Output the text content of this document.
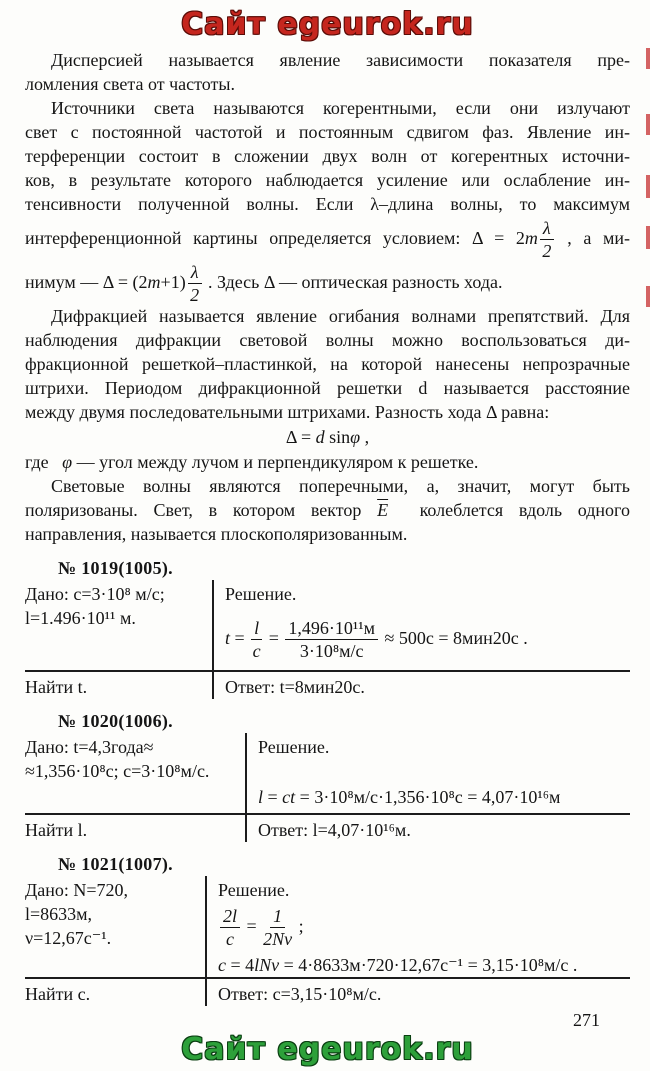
Сайт egeurok.ru
Дисперсией называется явление зависимости показателя пре-
ломления света от частоты.
Источники света называются когерентными, если они излучают
свет с постоянной частотой и постоянным сдвигом фаз. Явление ин-
терференции состоит в сложении двух волн от когерентных источни-
ков, в результате которого наблюдается усиление или ослабление ин-
тенсивности полученной волны. Если λ–длина волны, то максимум
интерференционной картины определяется условием: $\Delta = 2m \frac{\lambda}{2}$ , а ми-
нимум — $\Delta = (2m+1) \frac{\lambda}{2}$ . Здесь Δ — оптическая разность хода.
Дифракцией называется явление огибания волнами препятствий. Для
наблюдения дифракции световой волны можно воспользоваться ди-
фракционной решеткой–пластинкой, на которой нанесены непрозрачные
штрихи. Периодом дифракционной решетки d называется расстояние
между двумя последовательными штрихами. Разность хода Δ равна:
Δ = d sinφ ,
где   φ — угол между лучом и перпендикуляром к решетке.
Световые волны являются поперечными, а, значит, могут быть
поляризованы. Свет, в котором вектор $\overline{E}$  колеблется вдоль одного
направления, называется плоскополяризованным.
№ 1019(1005).
Дано: c=3·10⁸ м/с;
l=1.496·10¹¹ м.
Решение.
$t = \frac{l}{c} = \frac{\text{1,496·10¹¹м}}{\text{3·10⁸м/с}} \approx 500с = 8мин20с$ .
Найти t.	Ответ: t=8мин20с.
№ 1020(1006).
Дано: t=4,3года≈
≈1,356·10⁸с; c=3·10⁸м/с.
Решение.
l = ct = 3·10⁸м/с·1,356·10⁸с = 4,07·10¹⁶м
Найти l.	Ответ: l=4,07·10¹⁶м.
№ 1021(1007).
Дано: N=720,
l=8633м,
ν=12,67с⁻¹.
Решение.
$\frac{2l}{c} = \frac{1}{2N\nu}$ ;
c = 4lNν = 4·8633м·720·12,67с⁻¹ = 3,15·10⁸м/с .
Найти c.	Ответ: c=3,15·10⁸м/с.
271
Сайт egeurok.ru
